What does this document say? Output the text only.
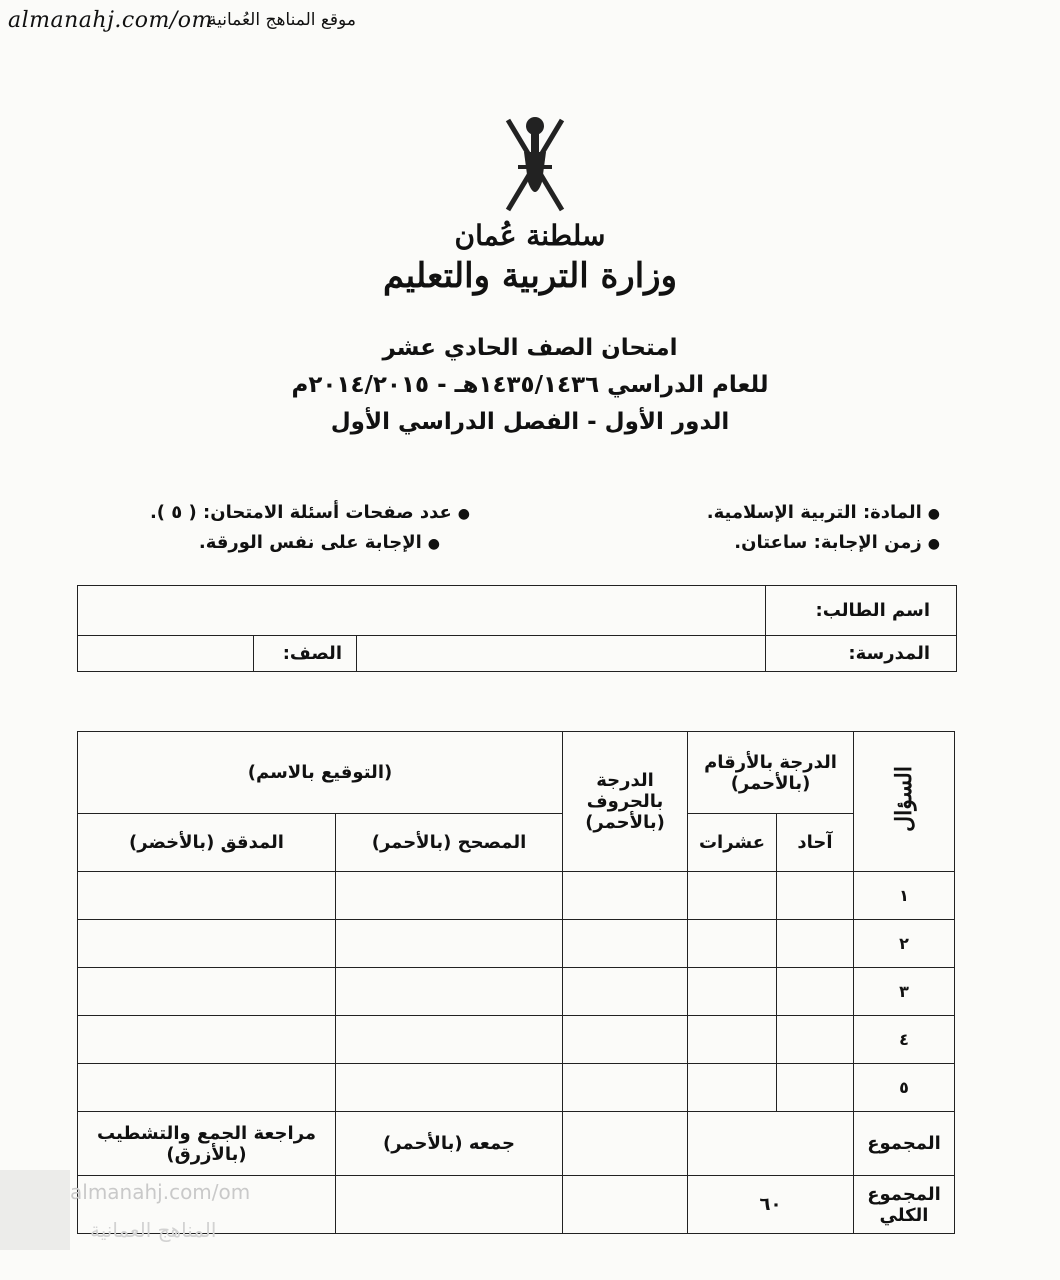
almanahj.com/om
موقع المناهج العُمانية
سلطنة عُمان
وزارة التربية والتعليم
امتحان الصف الحادي عشر
للعام الدراسي ١٤٣٥/١٤٣٦هـ - ٢٠١٤/٢٠١٥م
الدور الأول - الفصل الدراسي الأول
●المادة: التربية الإسلامية.
●زمن الإجابة: ساعتان.
●عدد صفحات أسئلة الامتحان: ( ٥ ).
●الإجابة على نفس الورقة.
اسم الطالب:			
المدرسة:		الصف:	
السؤال	الدرجة بالأرقام (بالأحمر)		الدرجة بالحروف (بالأحمر)	(التوقيع بالاسم)	
	آحاد	عشرات		المصحح (بالأحمر)	المدقق (بالأخضر)
١					
٢					
٣					
٤					
٥					
المجموع				جمعه (بالأحمر)	مراجعة الجمع والتشطيب (بالأزرق)
المجموع الكلي	٦٠				
almanahj.com/om
المناهج العمانية
